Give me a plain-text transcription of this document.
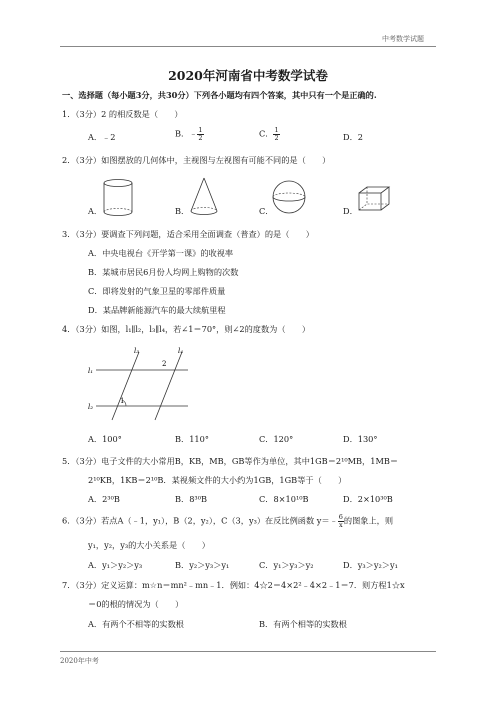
中考数学试题
2020年河南省中考数学试卷
一、选择题（每小题3分，共30分）下列各小题均有四个答案，其中只有一个是正确的.
1．（3分）2 的相反数是（　　）
A．﹣2	B．﹣ $\frac{1}{2}$	C． $\frac{1}{2}$	D．2
2．（3分）如图摆放的几何体中，主视图与左视图有可能不同的是（　　）
A．	B．	C．	D．
3．（3分）要调查下列问题，适合采用全面调查（普查）的是（　　）
A．中央电视台《开学第一课》的收视率
B．某城市居民6月份人均网上购物的次数
C．即将发射的气象卫星的零部件质量
D．某品牌新能源汽车的最大续航里程
4．（3分）如图，l₁∥l₂，l₃∥l₄，若∠1＝70°，则∠2的度数为（　　）
l₃	l₄
l₁
l₂
2
1
A．100°	B．110°	C．120°	D．130°
5．（3分）电子文件的大小常用B，KB，MB，GB等作为单位，其中1GB＝2¹⁰MB，1MB＝
2¹⁰KB，1KB＝2¹⁰B．某视频文件的大小约为1GB，1GB等于（　　）
A．2³⁰B	B．8³⁰B	C．8×10¹⁰B	D．2×10³⁰B
6．（3分）若点A（﹣1，y₁），B（2，y₂），C（3，y₃）在反比例函数 y＝﹣ $\frac{6}{x}$ 的图象上，则
y₁，y₂，y₃的大小关系是（　　）
A．y₁＞y₂＞y₃	B．y₂＞y₃＞y₁	C．y₁＞y₃＞y₂	D．y₃＞y₂＞y₁
7．（3分）定义运算：m☆n＝mn²﹣mn﹣1．例如：4☆2＝4×2²﹣4×2﹣1＝7．则方程1☆x
＝0的根的情况为（　　）
A．有两个不相等的实数根	B．有两个相等的实数根
2020年中考
